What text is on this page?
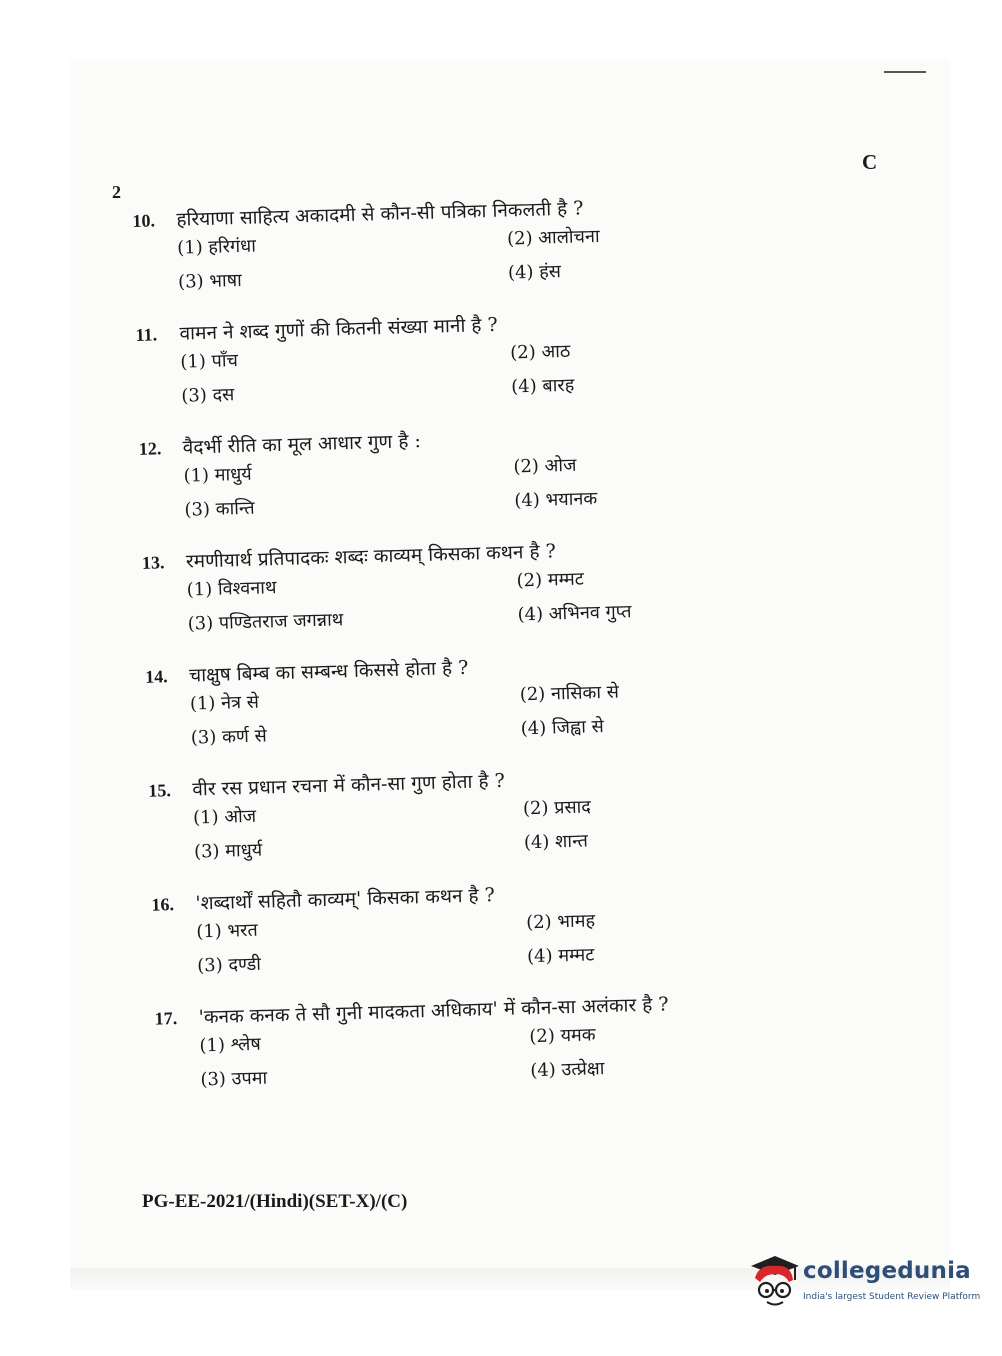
C
2
10.	हरियाणा साहित्य अकादमी से कौन-सी पत्रिका निकलती है ?
(1) हरिगंधा	(2) आलोचना
(3) भाषा	(4) हंस
11.	वामन ने शब्द गुणों की कितनी संख्या मानी है ?
(1) पाँच	(2) आठ
(3) दस	(4) बारह
12.	वैदर्भी रीति का मूल आधार गुण है :
(1) माधुर्य	(2) ओज
(3) कान्ति	(4) भयानक
13.	रमणीयार्थ प्रतिपादकः शब्दः काव्यम् किसका कथन है ?
(1) विश्वनाथ	(2) मम्मट
(3) पण्डितराज जगन्नाथ	(4) अभिनव गुप्त
14.	चाक्षुष बिम्ब का सम्बन्ध किससे होता है ?
(1) नेत्र से	(2) नासिका से
(3) कर्ण से	(4) जिह्वा से
15.	वीर रस प्रधान रचना में कौन-सा गुण होता है ?
(1) ओज	(2) प्रसाद
(3) माधुर्य	(4) शान्त
16.	'शब्दार्थों सहितौ काव्यम्' किसका कथन है ?
(1) भरत	(2) भामह
(3) दण्डी	(4) मम्मट
17.	'कनक कनक ते सौ गुनी मादकता अधिकाय' में कौन-सा अलंकार है ?
(1) श्लेष	(2) यमक
(3) उपमा	(4) उत्प्रेक्षा
PG-EE-2021/(Hindi)(SET-X)/(C)
collegedunia
India's largest Student Review Platform
